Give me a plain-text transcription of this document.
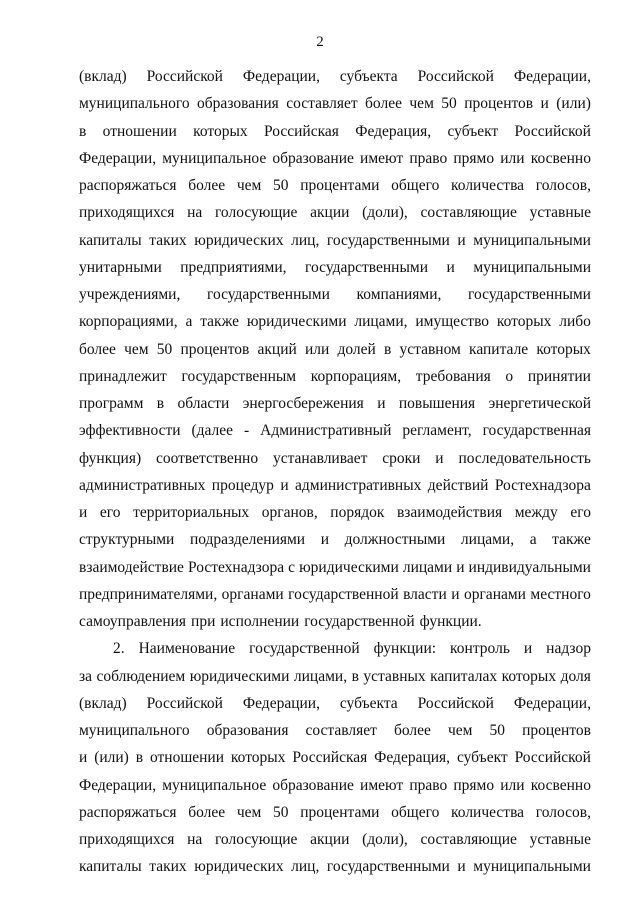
2
(вклад) Российской Федерации, субъекта Российской Федерации,
муниципального образования составляет более чем 50 процентов и (или)
в отношении которых Российская Федерация, субъект Российской
Федерации, муниципальное образование имеют право прямо или косвенно
распоряжаться более чем 50 процентами общего количества голосов,
приходящихся на голосующие акции (доли), составляющие уставные
капиталы таких юридических лиц, государственными и муниципальными
унитарными предприятиями, государственными и муниципальными
учреждениями, государственными компаниями, государственными
корпорациями, а также юридическими лицами, имущество которых либо
более чем 50 процентов акций или долей в уставном капитале которых
принадлежит государственным корпорациям, требования о принятии
программ в области энергосбережения и повышения энергетической
эффективности (далее - Административный регламент, государственная
функция) соответственно устанавливает сроки и последовательность
административных процедур и административных действий Ростехнадзора
и его территориальных органов, порядок взаимодействия между его
структурными подразделениями и должностными лицами, а также
взаимодействие Ростехнадзора с юридическими лицами и индивидуальными
предпринимателями, органами государственной власти и органами местного
самоуправления при исполнении государственной функции.
2. Наименование государственной функции: контроль и надзор
за соблюдением юридическими лицами, в уставных капиталах которых доля
(вклад) Российской Федерации, субъекта Российской Федерации,
муниципального образования составляет более чем 50 процентов
и (или) в отношении которых Российская Федерация, субъект Российской
Федерации, муниципальное образование имеют право прямо или косвенно
распоряжаться более чем 50 процентами общего количества голосов,
приходящихся на голосующие акции (доли), составляющие уставные
капиталы таких юридических лиц, государственными и муниципальными
